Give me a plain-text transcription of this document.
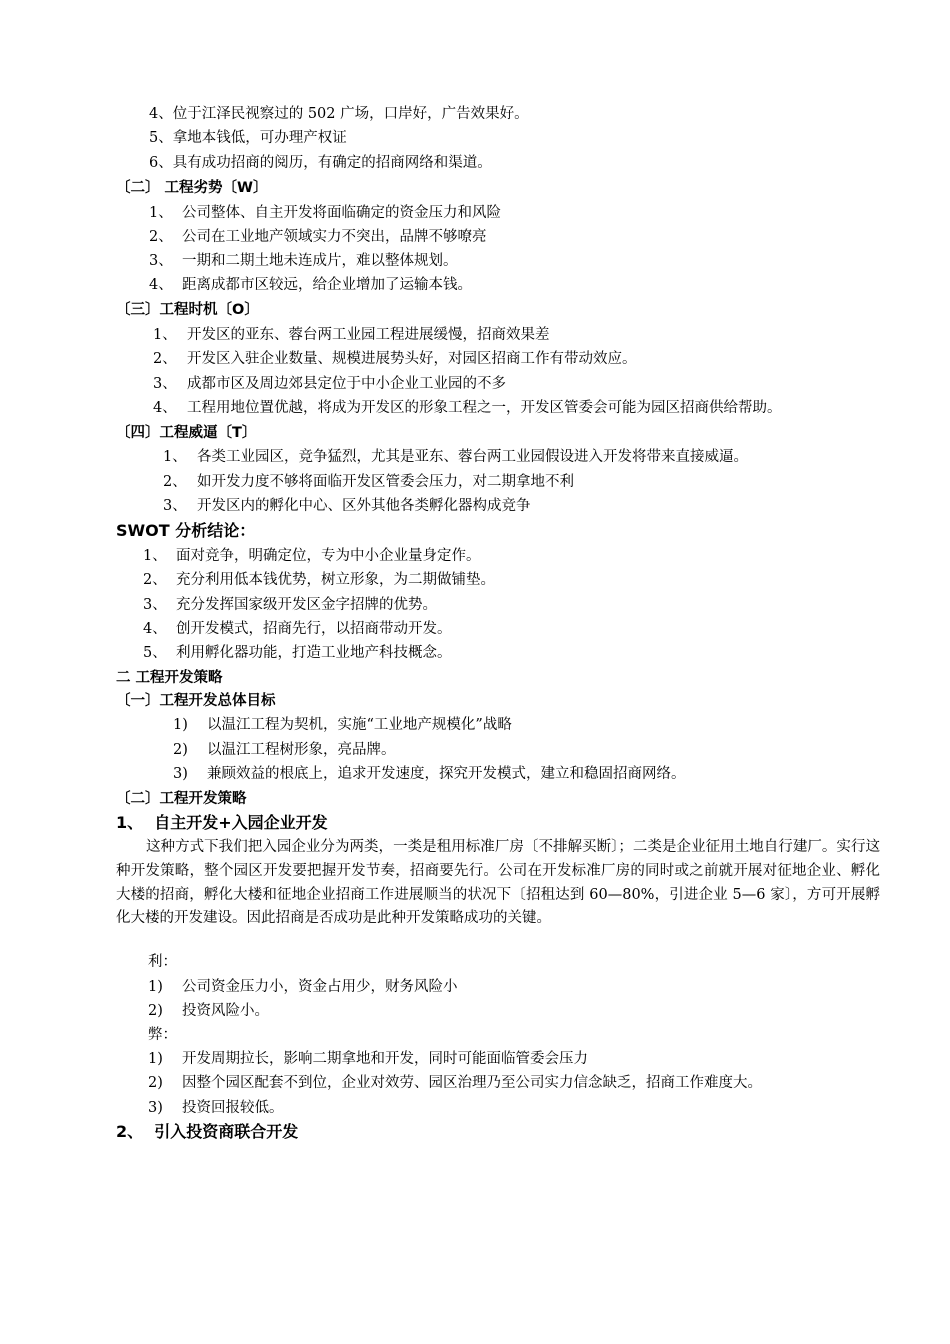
4、位于江泽民视察过的 502 广场，口岸好，广告效果好。
5、拿地本钱低，可办理产权证
6、具有成功招商的阅历，有确定的招商网络和渠道。
〔二〕 工程劣势〔W〕
1、 公司整体、自主开发将面临确定的资金压力和风险
2、 公司在工业地产领域实力不突出，品牌不够嘹亮
3、 一期和二期土地未连成片，难以整体规划。
4、 距离成都市区较远，给企业增加了运输本钱。
〔三〕工程时机〔O〕
1、 开发区的亚东、蓉台两工业园工程进展缓慢，招商效果差
2、 开发区入驻企业数量、规模进展势头好，对园区招商工作有带动效应。
3、 成都市区及周边郊县定位于中小企业工业园的不多
4、 工程用地位置优越，将成为开发区的形象工程之一，开发区管委会可能为园区招商供给帮助。
〔四〕工程威逼〔T〕
1、 各类工业园区，竞争猛烈，尤其是亚东、蓉台两工业园假设进入开发将带来直接威逼。
2、 如开发力度不够将面临开发区管委会压力，对二期拿地不利
3、 开发区内的孵化中心、区外其他各类孵化器构成竞争
SWOT 分析结论：
1、 面对竞争，明确定位，专为中小企业量身定作。
2、 充分利用低本钱优势，树立形象，为二期做铺垫。
3、 充分发挥国家级开发区金字招牌的优势。
4、 创开发模式，招商先行，以招商带动开发。
5、 利用孵化器功能，打造工业地产科技概念。
二 工程开发策略
〔一〕工程开发总体目标
1) 以温江工程为契机，实施“工业地产规模化”战略
2) 以温江工程树形象，亮品牌。
3) 兼顾效益的根底上，追求开发速度，探究开发模式，建立和稳固招商网络。
〔二〕工程开发策略
1、  自主开发+入园企业开发
这种方式下我们把入园企业分为两类，一类是租用标准厂房〔不排解买断〕；二类是企业征用土地自行建厂。实行这种开发策略，整个园区开发要把握开发节奏，招商要先行。公司在开发标准厂房的同时或之前就开展对征地企业、孵化大楼的招商，孵化大楼和征地企业招商工作进展顺当的状况下〔招租达到 60—80%，引进企业 5—6 家〕，方可开展孵化大楼的开发建设。因此招商是否成功是此种开发策略成功的关键。
利：
1) 公司资金压力小，资金占用少，财务风险小
2) 投资风险小。
弊：
1) 开发周期拉长，影响二期拿地和开发，同时可能面临管委会压力
2) 因整个园区配套不到位，企业对效劳、园区治理乃至公司实力信念缺乏，招商工作难度大。
3) 投资回报较低。
2、  引入投资商联合开发
